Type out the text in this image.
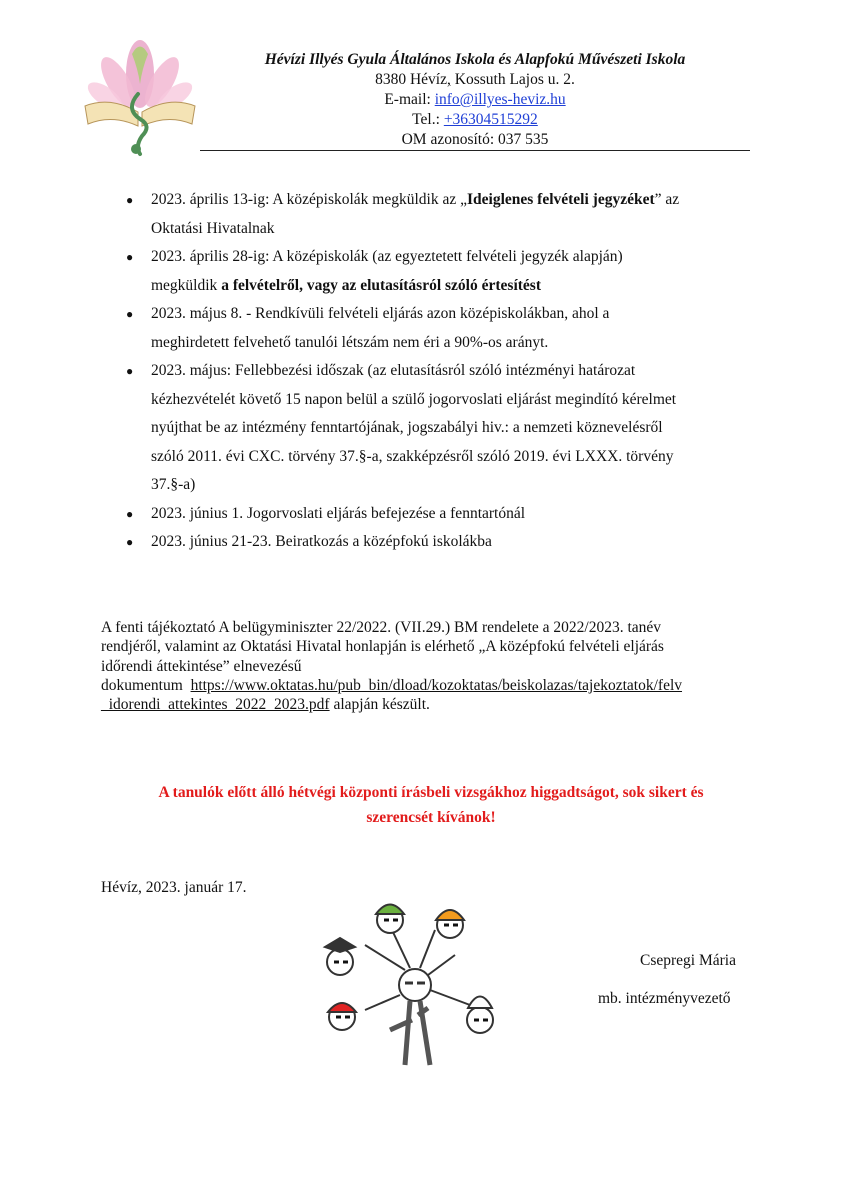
Hévízi Illyés Gyula Általános Iskola és Alapfokú Művészeti Iskola
8380 Hévíz, Kossuth Lajos u. 2.
E-mail: info@illyes-heviz.hu
Tel.: +36304515292
OM azonosító: 037 535
● 2023. április 13-ig: A középiskolák megküldik az „Ideiglenes felvételi jegyzéket” az
Oktatási Hivatalnak
● 2023. április 28-ig: A középiskolák (az egyeztetett felvételi jegyzék alapján)
megküldik a felvételről, vagy az elutasításról szóló értesítést
● 2023. május 8. - Rendkívüli felvételi eljárás azon középiskolákban, ahol a
meghirdetett felvehető tanulói létszám nem éri a 90%-os arányt.
● 2023. május: Fellebbezési időszak (az elutasításról szóló intézményi határozat
kézhezvételét követő 15 napon belül a szülő jogorvoslati eljárást megindító kérelmet
nyújthat be az intézmény fenntartójának, jogszabályi hiv.: a nemzeti köznevelésről
szóló 2011. évi CXC. törvény 37.§-a, szakképzésről szóló 2019. évi LXXX. törvény
37.§-a)
● 2023. június 1. Jogorvoslati eljárás befejezése a fenntartónál
● 2023. június 21-23. Beiratkozás a középfokú iskolákba
A fenti tájékoztató A belügyminiszter 22/2022. (VII.29.) BM rendelete a 2022/2023. tanév
rendjéről, valamint az Oktatási Hivatal honlapján is elérhető „A középfokú felvételi eljárás
időrendi áttekintése” elnevezésű
dokumentum  https://www.oktatas.hu/pub_bin/dload/kozoktatas/beiskolazas/tajekoztatok/felv
_idorendi_attekintes_2022_2023.pdf alapján készült.
A tanulók előtt álló hétvégi központi írásbeli vizsgákhoz higgadtságot, sok sikert és
szerencsét kívánok!
Hévíz, 2023. január 17.
Csepregi Mária
mb. intézményvezető
